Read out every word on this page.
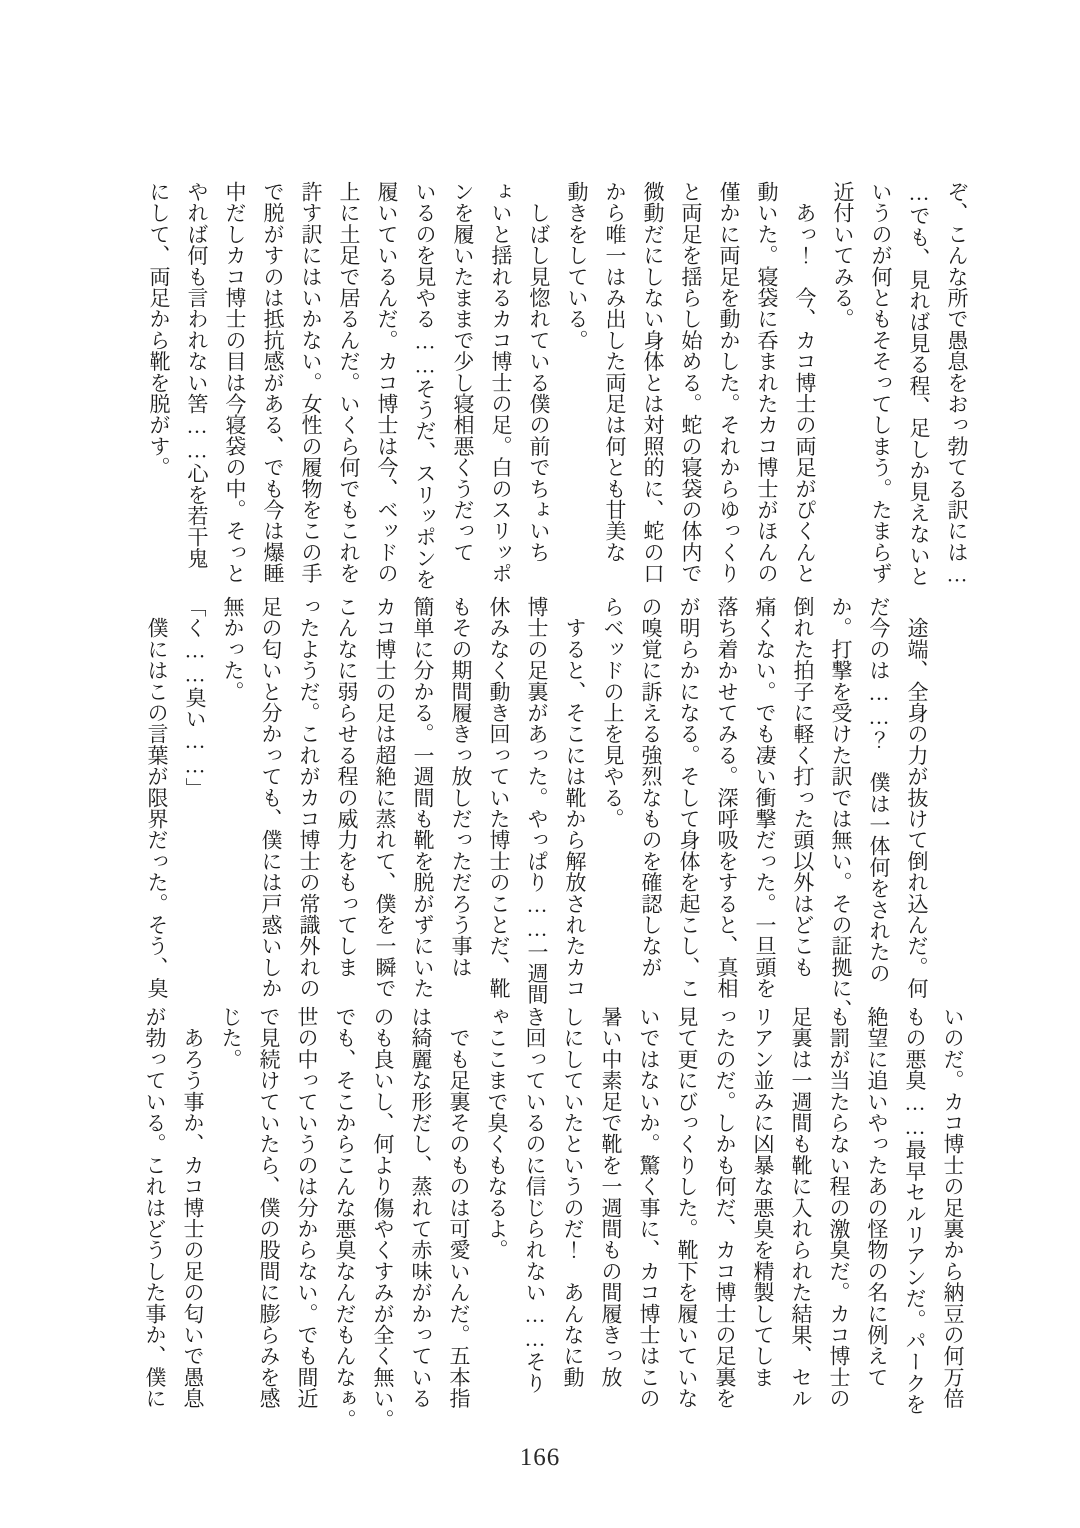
ぞ、こんな所で愚息をおっ勃てる訳には…
…でも、見れば見る程、足しか見えないと
いうのが何ともそそってしまう。たまらず
近付いてみる。
　あっ！　今、カコ博士の両足がぴくんと
動いた。寝袋に呑まれたカコ博士がほんの
僅かに両足を動かした。それからゆっくり
と両足を揺らし始める。蛇の寝袋の体内で
微動だにしない身体とは対照的に、蛇の口
から唯一はみ出した両足は何とも甘美な
動きをしている。
　しばし見惚れている僕の前でちょいち
ょいと揺れるカコ博士の足。白のスリッポ
ンを履いたままで少し寝相悪くうだって
いるのを見やる……そうだ、スリッポンを
履いているんだ。カコ博士は今、ベッドの
上に土足で居るんだ。いくら何でもこれを
許す訳にはいかない。女性の履物をこの手
で脱がすのは抵抗感がある、でも今は爆睡
中だしカコ博士の目は今寝袋の中。そっと
やれば何も言われない筈……心を若干鬼
にして、両足から靴を脱がす。
　途端、全身の力が抜けて倒れ込んだ。何
だ今のは……？　僕は一体何をされたの
か。打撃を受けた訳では無い。その証拠に、
倒れた拍子に軽く打った頭以外はどこも
痛くない。でも凄い衝撃だった。一旦頭を
落ち着かせてみる。深呼吸をすると、真相
が明らかになる。そして身体を起こし、こ
の嗅覚に訴える強烈なものを確認しなが
らベッドの上を見やる。
　すると、そこには靴から解放されたカコ
博士の足裏があった。やっぱり……一週間
休みなく動き回っていた博士のことだ、靴
もその期間履きっ放しだっただろう事は
簡単に分かる。一週間も靴を脱がずにいた
カコ博士の足は超絶に蒸れて、僕を一瞬で
こんなに弱らせる程の威力をもってしま
ったようだ。これがカコ博士の常識外れの
足の匂いと分かっても、僕には戸惑いしか
無かった。
「く……臭い……」
　僕にはこの言葉が限界だった。そう、臭
いのだ。カコ博士の足裏から納豆の何万倍
もの悪臭……最早セルリアンだ。パークを
絶望に追いやったあの怪物の名に例えて
も罰が当たらない程の激臭だ。カコ博士の
足裏は一週間も靴に入れられた結果、セル
リアン並みに凶暴な悪臭を精製してしま
ったのだ。しかも何だ、カコ博士の足裏を
見て更にびっくりした。靴下を履いていな
いではないか。驚く事に、カコ博士はこの
暑い中素足で靴を一週間もの間履きっ放
しにしていたというのだ！　あんなに動
き回っているのに信じられない……そり
ゃここまで臭くもなるよ。
　でも足裏そのものは可愛いんだ。五本指
は綺麗な形だし、蒸れて赤味がかっている
のも良いし、何より傷やくすみが全く無い。
でも、そこからこんな悪臭なんだもんなぁ。
世の中っていうのは分からない。でも間近
で見続けていたら、僕の股間に膨らみを感
じた。
　あろう事か、カコ博士の足の匂いで愚息
が勃っている。これはどうした事か、僕に
166
